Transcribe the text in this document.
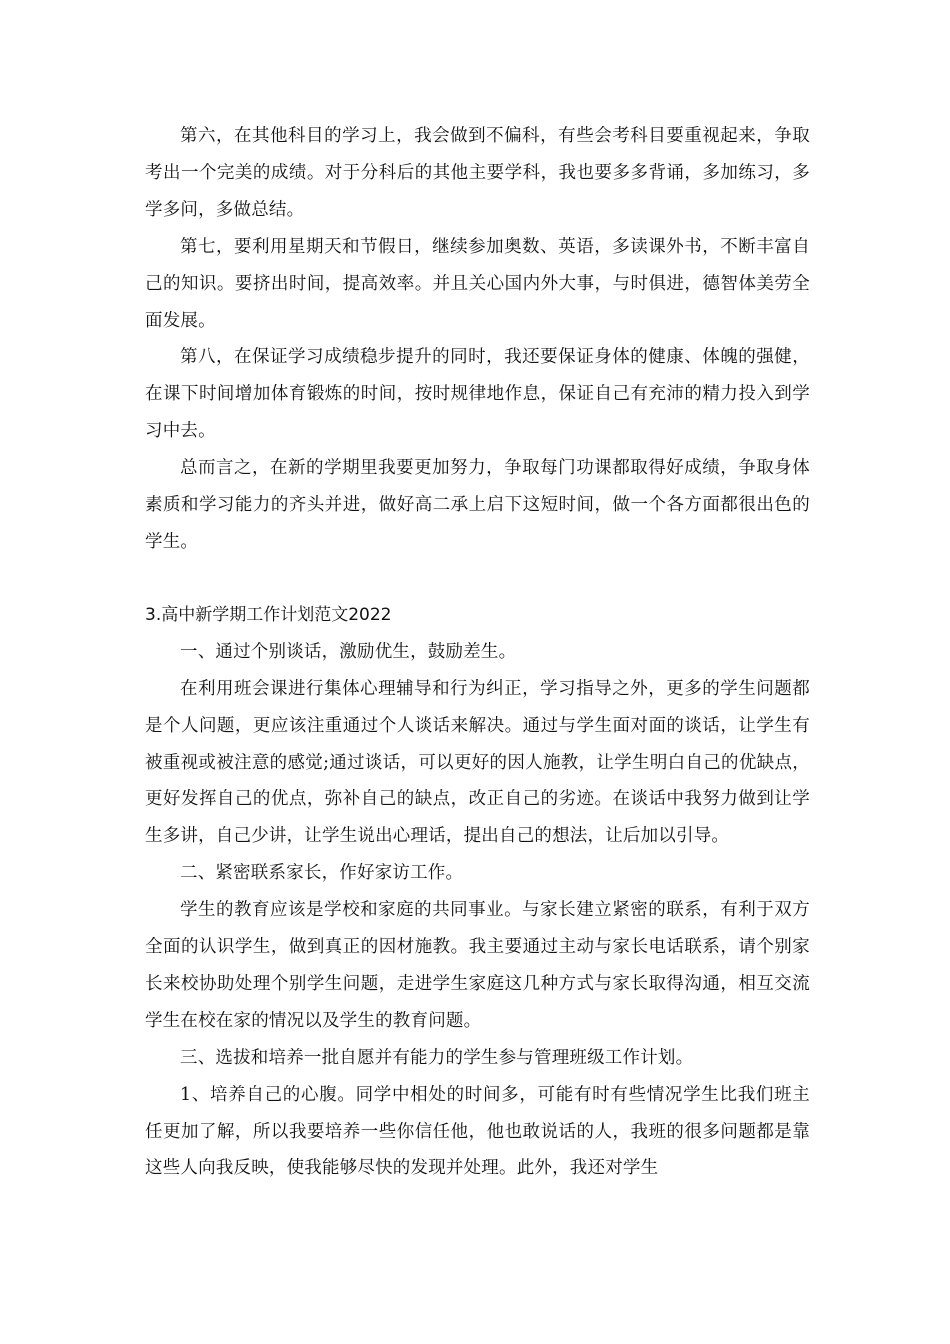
第六，在其他科目的学习上，我会做到不偏科，有些会考科目要重视起来，争取考出一个完美的成绩。对于分科后的其他主要学科，我也要多多背诵，多加练习，多学多问，多做总结。

第七，要利用星期天和节假日，继续参加奥数、英语，多读课外书，不断丰富自己的知识。要挤出时间，提高效率。并且关心国内外大事，与时俱进，德智体美劳全面发展。

第八，在保证学习成绩稳步提升的同时，我还要保证身体的健康、体魄的强健，在课下时间增加体育锻炼的时间，按时规律地作息，保证自己有充沛的精力投入到学习中去。

总而言之，在新的学期里我要更加努力，争取每门功课都取得好成绩，争取身体素质和学习能力的齐头并进，做好高二承上启下这短时间，做一个各方面都很出色的学生。

3.高中新学期工作计划范文2022

一、通过个别谈话，激励优生，鼓励差生。

在利用班会课进行集体心理辅导和行为纠正，学习指导之外，更多的学生问题都是个人问题，更应该注重通过个人谈话来解决。通过与学生面对面的谈话，让学生有被重视或被注意的感觉;通过谈话，可以更好的因人施教，让学生明白自己的优缺点，更好发挥自己的优点，弥补自己的缺点，改正自己的劣迹。在谈话中我努力做到让学生多讲，自己少讲，让学生说出心理话，提出自己的想法，让后加以引导。

二、紧密联系家长，作好家访工作。

学生的教育应该是学校和家庭的共同事业。与家长建立紧密的联系，有利于双方全面的认识学生，做到真正的因材施教。我主要通过主动与家长电话联系，请个别家长来校协助处理个别学生问题，走进学生家庭这几种方式与家长取得沟通，相互交流学生在校在家的情况以及学生的教育问题。

三、选拔和培养一批自愿并有能力的学生参与管理班级工作计划。

1、培养自己的心腹。同学中相处的时间多，可能有时有些情况学生比我们班主任更加了解，所以我要培养一些你信任他，他也敢说话的人，我班的很多问题都是靠这些人向我反映，使我能够尽快的发现并处理。此外，我还对学生
